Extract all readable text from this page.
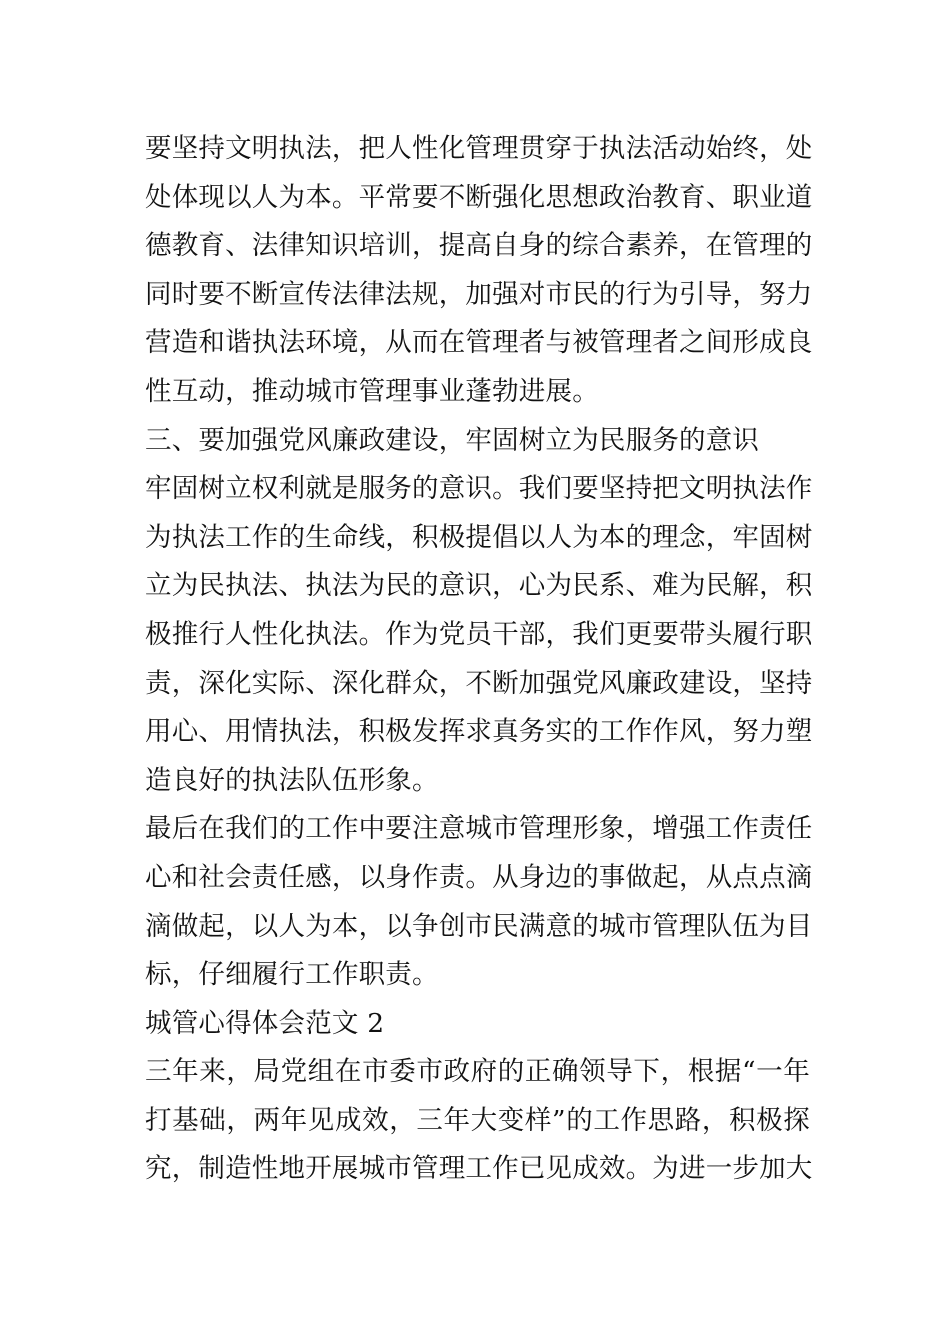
要坚持文明执法，把人性化管理贯穿于执法活动始终，处
处体现以人为本。平常要不断强化思想政治教育、职业道
德教育、法律知识培训，提高自身的综合素养，在管理的
同时要不断宣传法律法规，加强对市民的行为引导，努力
营造和谐执法环境，从而在管理者与被管理者之间形成良
性互动，推动城市管理事业蓬勃进展。
三、要加强党风廉政建设，牢固树立为民服务的意识
牢固树立权利就是服务的意识。我们要坚持把文明执法作
为执法工作的生命线，积极提倡以人为本的理念，牢固树
立为民执法、执法为民的意识，心为民系、难为民解，积
极推行人性化执法。作为党员干部，我们更要带头履行职
责，深化实际、深化群众，不断加强党风廉政建设，坚持
用心、用情执法，积极发挥求真务实的工作作风，努力塑
造良好的执法队伍形象。
最后在我们的工作中要注意城市管理形象，增强工作责任
心和社会责任感，以身作责。从身边的事做起，从点点滴
滴做起，以人为本，以争创市民满意的城市管理队伍为目
标，仔细履行工作职责。
城管心得体会范文 2
三年来，局党组在市委市政府的正确领导下，根据“一年
打基础，两年见成效，三年大变样”的工作思路，积极探
究，制造性地开展城市管理工作已见成效。为进一步加大
